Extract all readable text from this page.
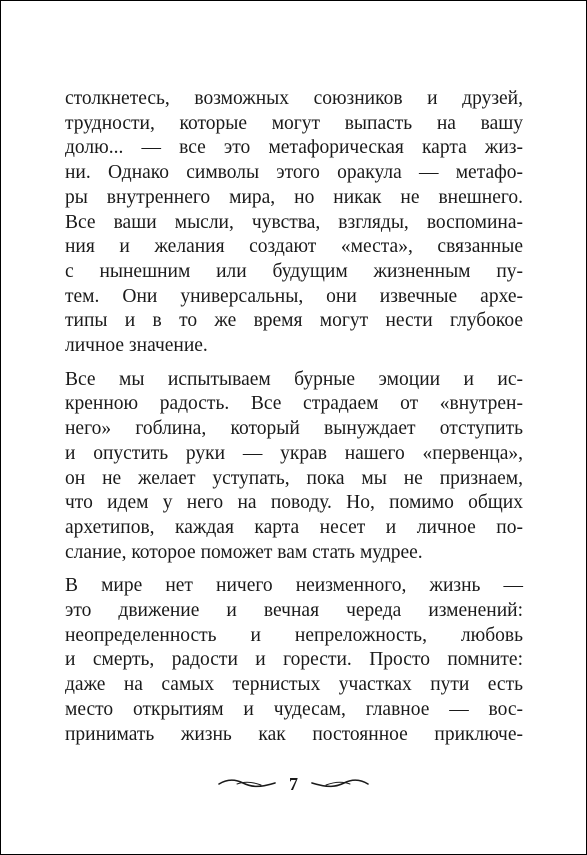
столкнетесь, возможных союзников и друзей,
трудности, которые могут выпасть на вашу
долю... — все это метафорическая карта жиз-
ни. Однако символы этого оракула — метафо-
ры внутреннего мира, но никак не внешнего.
Все ваши мысли, чувства, взгляды, воспомина-
ния и желания создают «места», связанные
с нынешним или будущим жизненным пу-
тем. Они универсальны, они извечные архе-
типы и в то же время могут нести глубокое
личное значение.

Все мы испытываем бурные эмоции и ис-
кренною радость. Все страдаем от «внутрен-
него» гоблина, который вынуждает отступить
и опустить руки — украв нашего «первенца»,
он не желает уступать, пока мы не признаем,
что идем у него на поводу. Но, помимо общих
архетипов, каждая карта несет и личное по-
слание, которое поможет вам стать мудрее.

В мире нет ничего неизменного, жизнь —
это движение и вечная череда изменений:
неопределенность и непреложность, любовь
и смерть, радости и горести. Просто помните:
даже на самых тернистых участках пути есть
место открытиям и чудесам, главное — вос-
принимать жизнь как постоянное приключе-

7
